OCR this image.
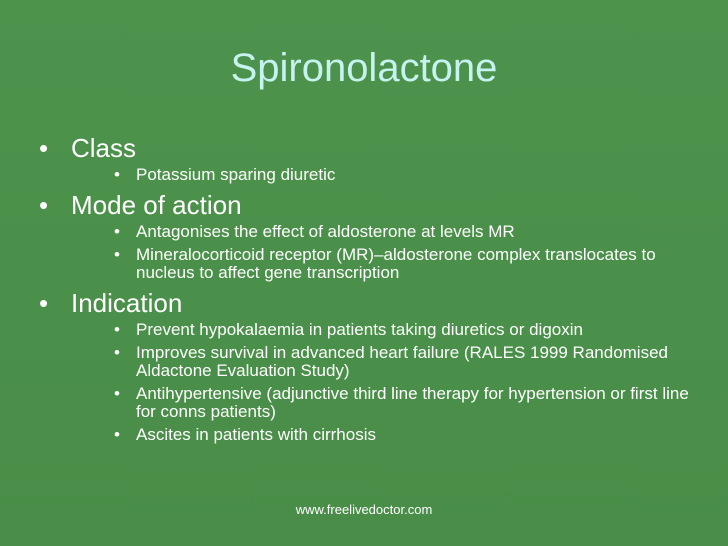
Spironolactone
• Class
• Potassium sparing diuretic
• Mode of action
• Antagonises the effect of aldosterone at levels MR
• Mineralocorticoid receptor (MR)–aldosterone complex translocates to nucleus to affect gene transcription
• Indication
• Prevent hypokalaemia in patients taking diuretics or digoxin
• Improves survival in advanced heart failure (RALES 1999 Randomised Aldactone Evaluation Study)
• Antihypertensive (adjunctive third line therapy for hypertension or first line for conns patients)
• Ascites in patients with cirrhosis
www.freelivedoctor.com
